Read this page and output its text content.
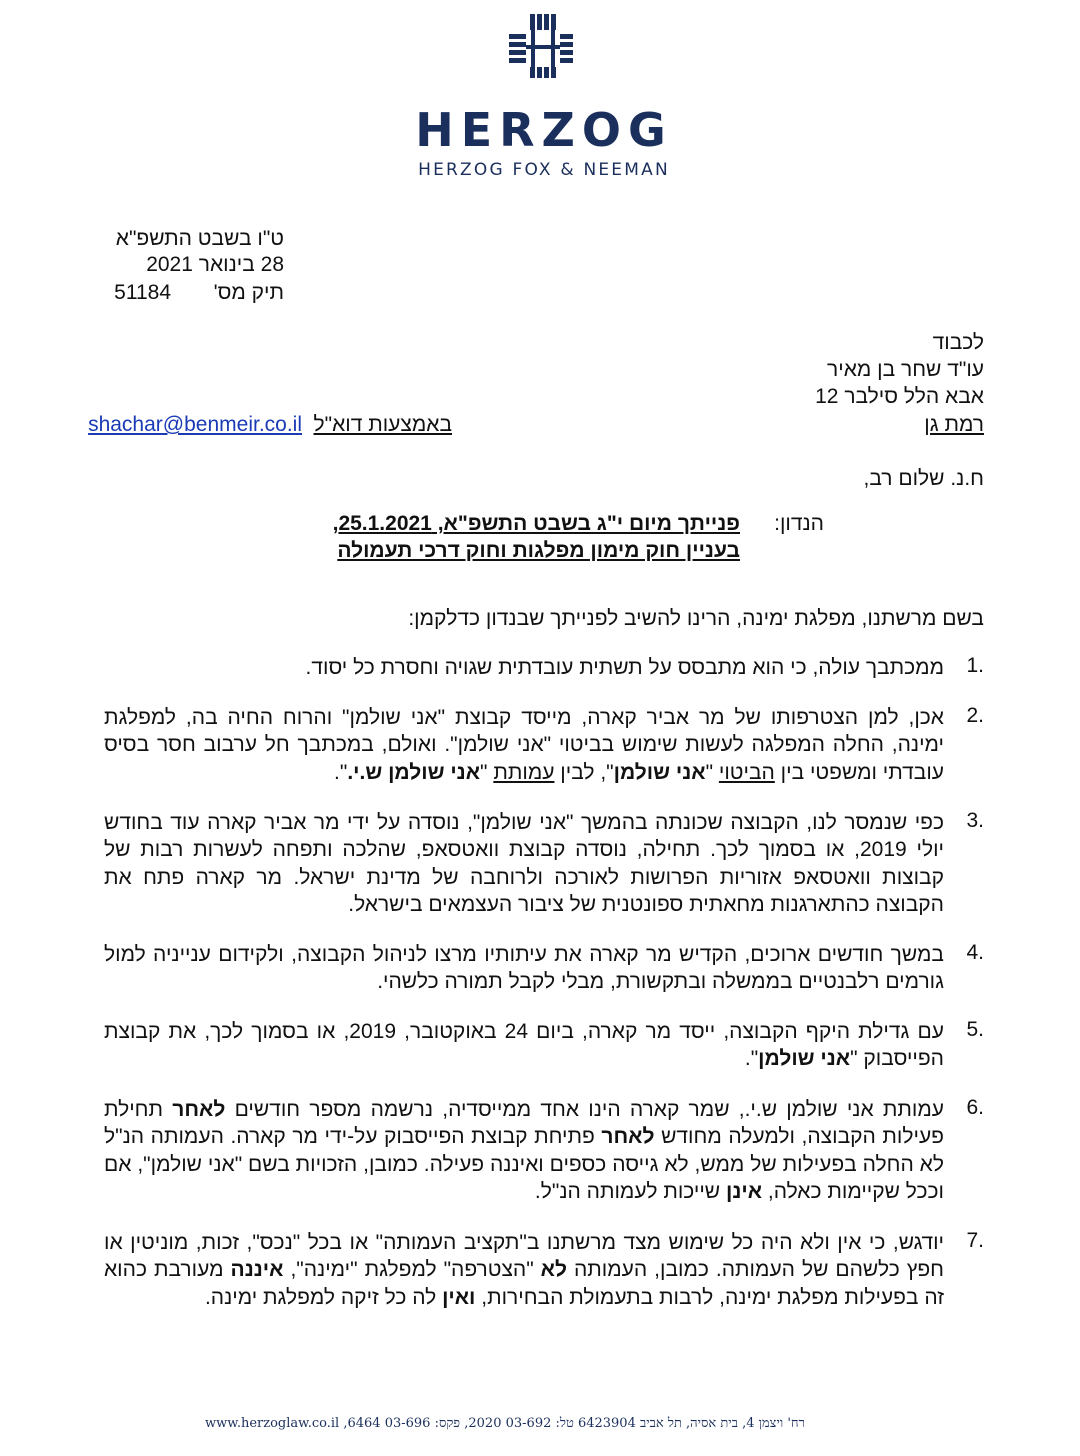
HERZOG
HERZOG FOX & NEEMAN
ט"ו בשבט התשפ"א
28 בינואר 2021
תיק מס'
51184
לכבוד
עו"ד שחר בן מאיר
אבא הלל סילבר 12
רמת גן
באמצעות דוא"ל
shachar@benmeir.co.il
ח.נ. שלום רב,
הנדון:
פנייתך מיום י"ג בשבט התשפ"א, 25.1.2021,
בעניין חוק מימון מפלגות וחוק דרכי תעמולה
בשם מרשתנו, מפלגת ימינה, הרינו להשיב לפנייתך שבנדון כדלקמן:
1.
ממכתבך עולה, כי הוא מתבסס על תשתית עובדתית שגויה וחסרת כל יסוד.
2.
אכן, למן הצטרפותו של מר אביר קארה, מייסד קבוצת "אני שולמן" והרוח החיה בה, למפלגת ימינה, החלה המפלגה לעשות שימוש בביטוי "אני שולמן". ואולם, במכתבך חל ערבוב חסר בסיס עובדתי ומשפטי בין הביטוי "אני שולמן", לבין עמותת "אני שולמן ש.י.".
3.
כפי שנמסר לנו, הקבוצה שכונתה בהמשך "אני שולמן", נוסדה על ידי מר אביר קארה עוד בחודש יולי 2019, או בסמוך לכך. תחילה, נוסדה קבוצת וואטסאפ, שהלכה ותפחה לעשרות רבות של קבוצות וואטסאפ אזוריות הפרושות לאורכה ולרוחבה של מדינת ישראל. מר קארה פתח את הקבוצה כהתארגנות מחאתית ספונטנית של ציבור העצמאים בישראל.
4.
במשך חודשים ארוכים, הקדיש מר קארה את עיתותיו מרצו לניהול הקבוצה, ולקידום ענייניה למול גורמים רלבנטיים בממשלה ובתקשורת, מבלי לקבל תמורה כלשהי.
5.
עם גדילת היקף הקבוצה, ייסד מר קארה, ביום 24 באוקטובר, 2019, או בסמוך לכך, את קבוצת הפייסבוק "אני שולמן".
6.
עמותת אני שולמן ש.י., שמר קארה הינו אחד ממייסדיה, נרשמה מספר חודשים לאחר תחילת פעילות הקבוצה, ולמעלה מחודש לאחר פתיחת קבוצת הפייסבוק על-ידי מר קארה. העמותה הנ"ל לא החלה בפעילות של ממש, לא גייסה כספים ואיננה פעילה. כמובן, הזכויות בשם "אני שולמן", אם וככל שקיימות כאלה, אינן שייכות לעמותה הנ"ל.
7.
יודגש, כי אין ולא היה כל שימוש מצד מרשתנו ב"תקציב העמותה" או בכל "נכס", זכות, מוניטין או חפץ כלשהם של העמותה. כמובן, העמותה לא "הצטרפה" למפלגת "ימינה", איננה מעורבת כהוא זה בפעילות מפלגת ימינה, לרבות בתעמולת הבחירות, ואין לה כל זיקה למפלגת ימינה.
רח' ויצמן 4, בית אסיה, תל אביב 6423904 טל: 03-692 2020, פקס: 03-696 6464, www.herzoglaw.co.il
